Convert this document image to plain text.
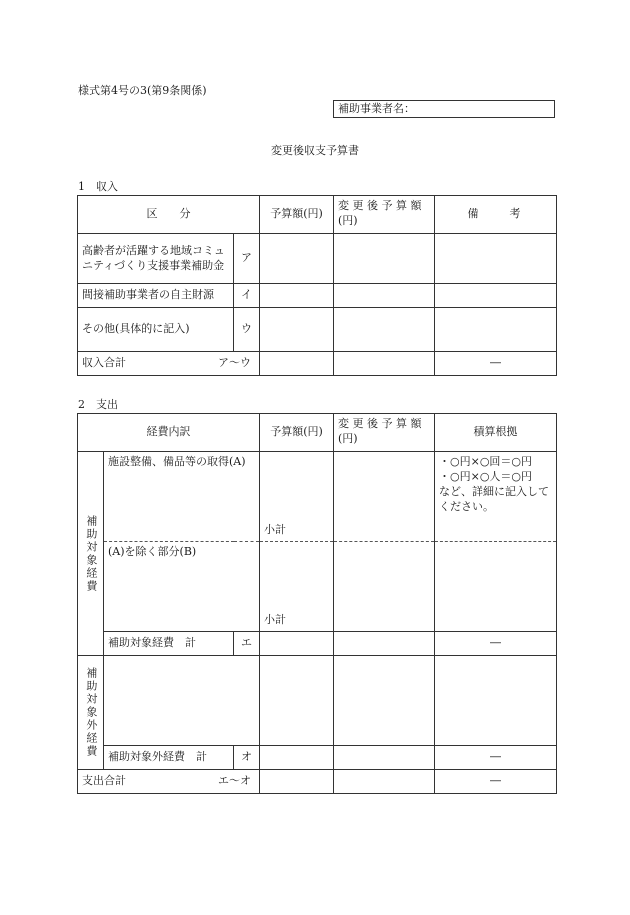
様式第4号の3(第9条関係)
補助事業者名：
変更後収支予算書
1　収入
区　　分		予算額(円)	変 更 後 予 算 額 (円)	備　　考
高齢者が活躍する地域コミュニティづくり支援事業補助金	ア			
間接補助事業者の自主財源	イ			
その他(具体的に記入)	ウ			

収入合計 ア～ウ				―
2　支出
経費内訳			予算額(円)	変 更 後 予 算 額 (円)	積算根拠

補助対象経費	施設整備、備品等の取得(A)		小計		・○円×○回＝○円
・○円×○人＝○円
など、詳細に記入してください。
	(A)を除く部分(B)		小計		
	補助対象経費　計	エ			―

補助対象外経費					

	補助対象外経費　計	オ			―

支出合計 エ～オ					―
